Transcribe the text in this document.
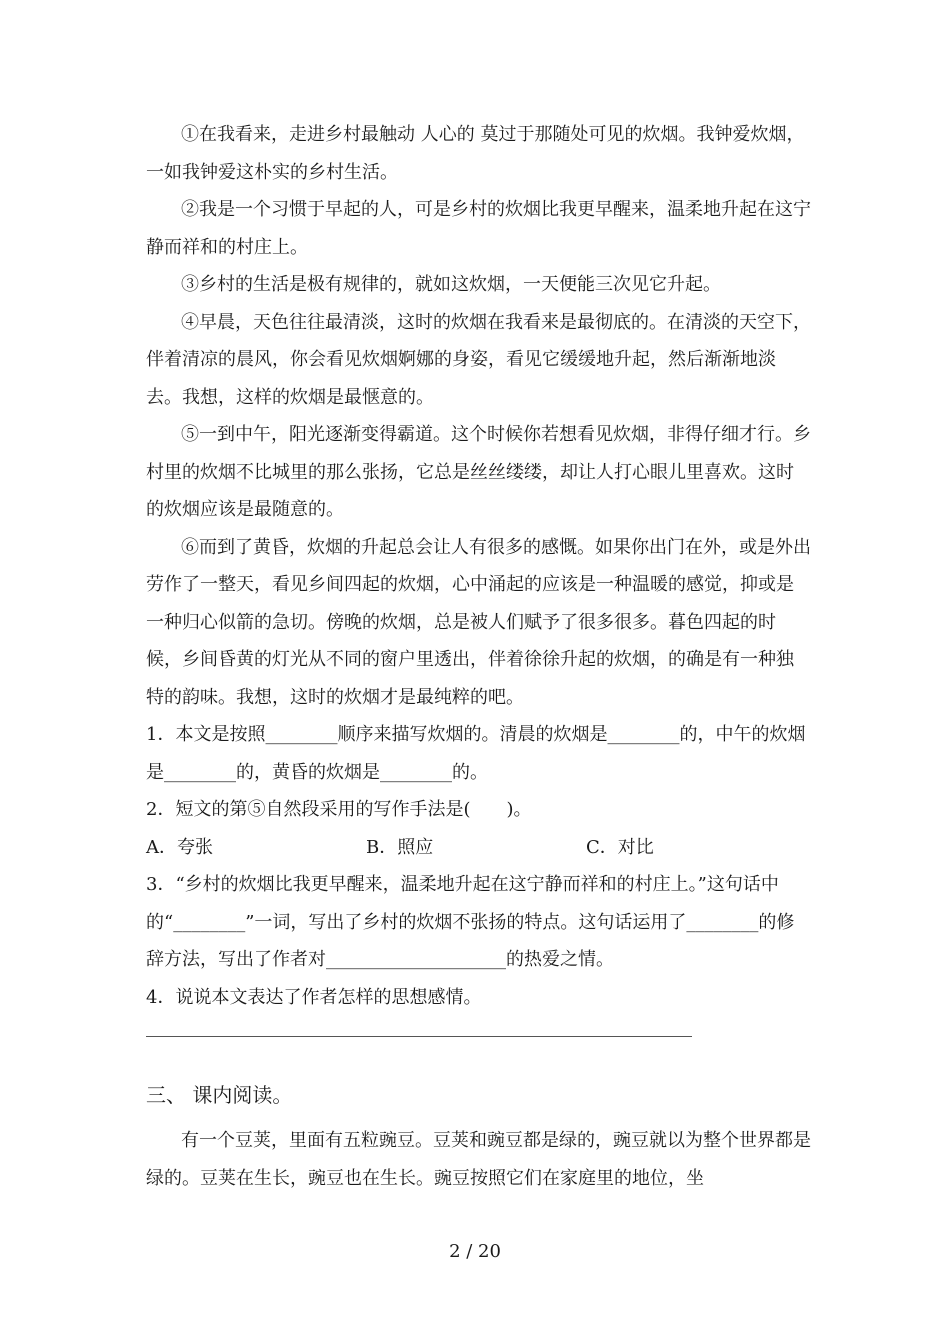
①在我看来，走进乡村最触动 人心的 莫过于那随处可见的炊烟。我钟爱炊烟，一如我钟爱这朴实的乡村生活。

②我是一个习惯于早起的人，可是乡村的炊烟比我更早醒来，温柔地升起在这宁静而祥和的村庄上。

③乡村的生活是极有规律的，就如这炊烟，一天便能三次见它升起。

④早晨，天色往往最清淡，这时的炊烟在我看来是最彻底的。在清淡的天空下，伴着清凉的晨风，你会看见炊烟婀娜的身姿，看见它缓缓地升起，然后渐渐地淡去。我想，这样的炊烟是最惬意的。

⑤一到中午，阳光逐渐变得霸道。这个时候你若想看见炊烟，非得仔细才行。乡村里的炊烟不比城里的那么张扬，它总是丝丝缕缕，却让人打心眼儿里喜欢。这时的炊烟应该是最随意的。

⑥而到了黄昏，炊烟的升起总会让人有很多的感慨。如果你出门在外，或是外出劳作了一整天，看见乡间四起的炊烟，心中涌起的应该是一种温暖的感觉，抑或是一种归心似箭的急切。傍晚的炊烟，总是被人们赋予了很多很多。暮色四起的时候，乡间昏黄的灯光从不同的窗户里透出，伴着徐徐升起的炊烟，的确是有一种独特的韵味。我想，这时的炊烟才是最纯粹的吧。

1．本文是按照________顺序来描写炊烟的。清晨的炊烟是________的，中午的炊烟是________的，黄昏的炊烟是________的。

2．短文的第⑤自然段采用的写作手法是(　　)。

A．夸张	B．照应	C．对比

3．“乡村的炊烟比我更早醒来，温柔地升起在这宁静而祥和的村庄上。”这句话中的“________”一词，写出了乡村的炊烟不张扬的特点。这句话运用了________的修辞方法，写出了作者对____________________的热爱之情。

4．说说本文表达了作者怎样的思想感情。

三、 课内阅读。

有一个豆荚，里面有五粒豌豆。豆荚和豌豆都是绿的，豌豆就以为整个世界都是绿的。豆荚在生长，豌豆也在生长。豌豆按照它们在家庭里的地位，坐

2 / 20
